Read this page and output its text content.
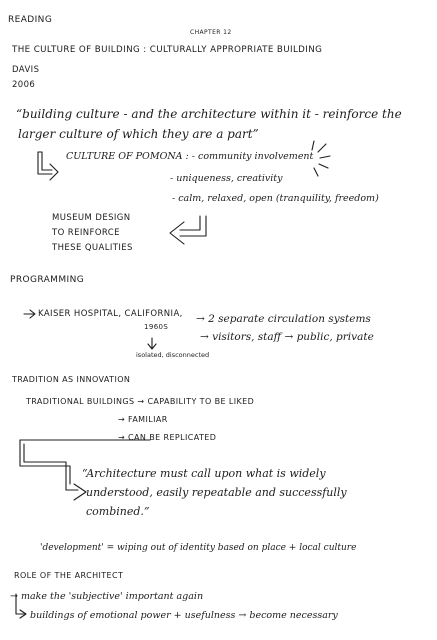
READING
CHAPTER 12
THE CULTURE OF BUILDING : CULTURALLY APPROPRIATE BUILDING
DAVIS
2006
“building culture - and the architecture within it - reinforce the
larger culture of which they are a part”
CULTURE OF POMONA : - community involvement
- uniqueness, creativity
- calm, relaxed, open (tranquility, freedom)
MUSEUM DESIGN
TO REINFORCE
THESE QUALITIES
PROGRAMMING
KAISER HOSPITAL, CALIFORNIA,
1960S
→ 2 separate circulation systems
→ visitors, staff → public, private
isolated, disconnected
TRADITION AS INNOVATION
TRADITIONAL BUILDINGS → CAPABILITY TO BE LIKED
→ FAMILIAR
→ CAN BE REPLICATED
“Architecture must call upon what is widely
understood, easily repeatable and successfully
combined.”
'development' = wiping out of identity based on place + local culture
ROLE OF THE ARCHITECT
→ make the 'subjective' important again
buildings of emotional power + usefulness → become necessary
